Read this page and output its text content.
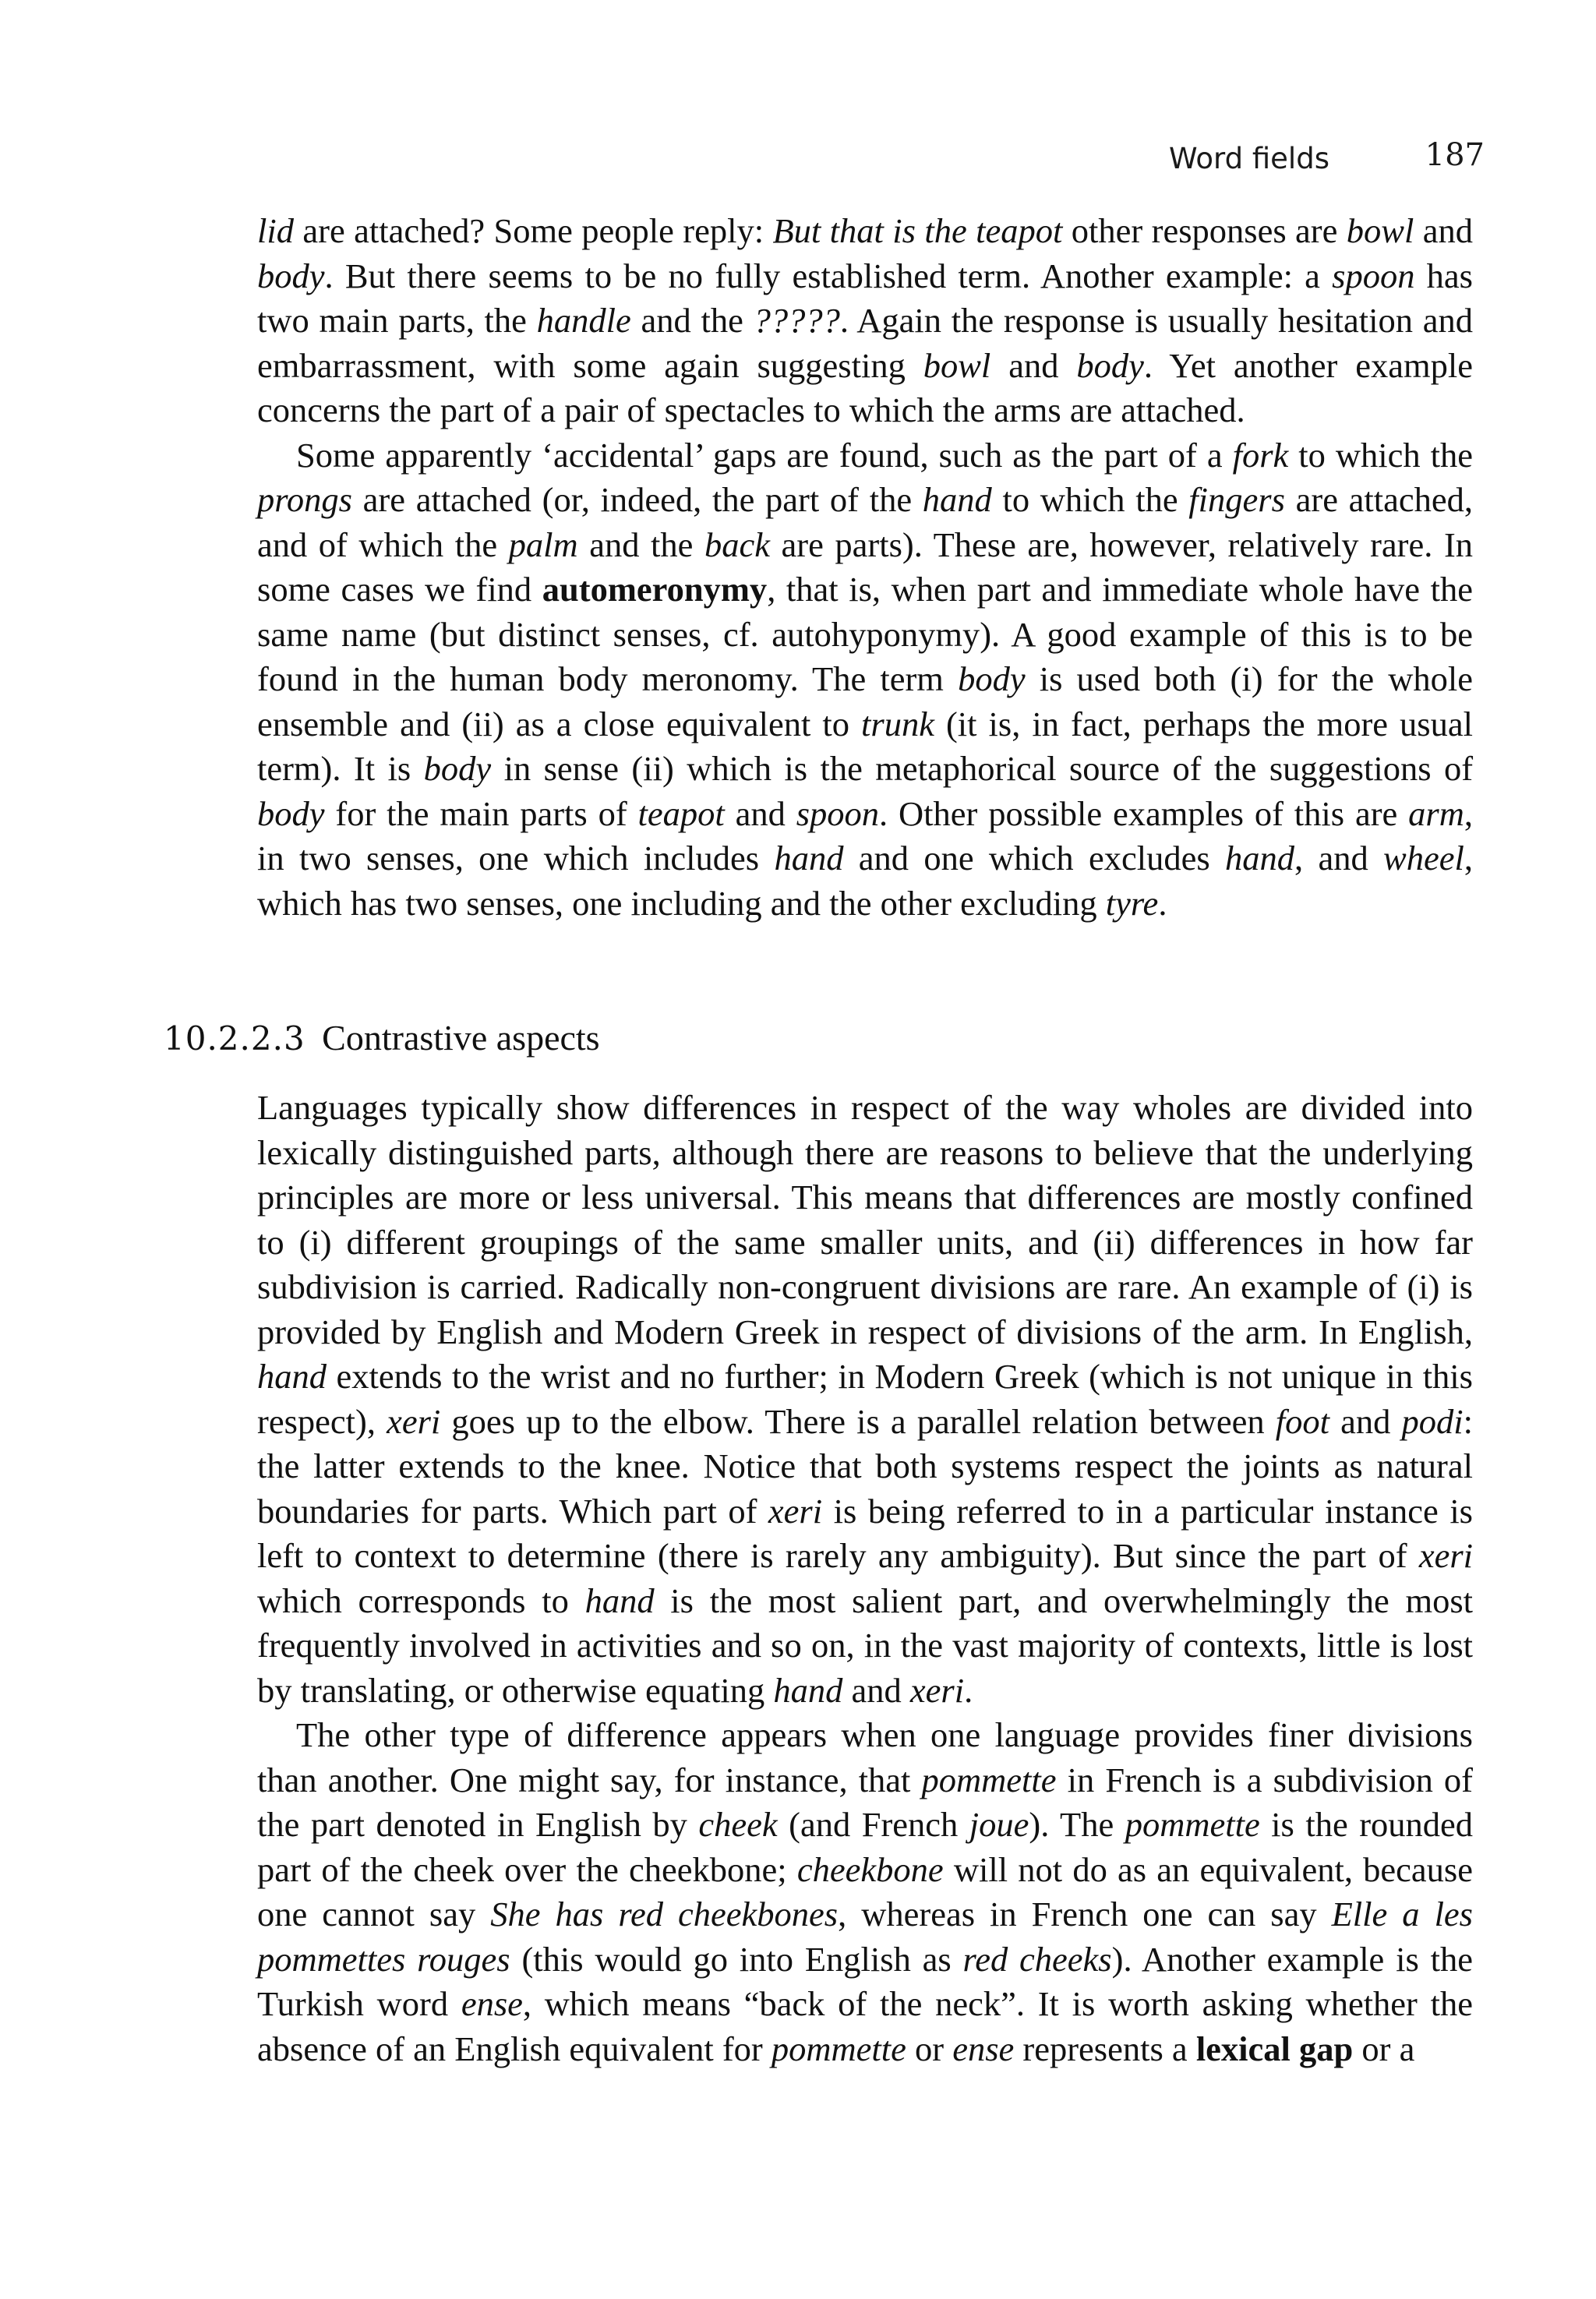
Word fields	187

lid are attached? Some people reply: But that is the teapot other responses are bowl and body. But there seems to be no fully established term. Another example: a spoon has two main parts, the handle and the ?????. Again the response is usually hesitation and embarrassment, with some again suggesting bowl and body. Yet another example concerns the part of a pair of spectacles to which the arms are attached.

Some apparently ‘accidental’ gaps are found, such as the part of a fork to which the prongs are attached (or, indeed, the part of the hand to which the fingers are attached, and of which the palm and the back are parts). These are, however, relatively rare. In some cases we find automeronymy, that is, when part and immediate whole have the same name (but distinct senses, cf. autohyponymy). A good example of this is to be found in the human body meronomy. The term body is used both (i) for the whole ensemble and (ii) as a close equivalent to trunk (it is, in fact, perhaps the more usual term). It is body in sense (ii) which is the metaphorical source of the suggestions of body for the main parts of teapot and spoon. Other possible examples of this are arm, in two senses, one which includes hand and one which excludes hand, and wheel, which has two senses, one including and the other excluding tyre.

10.2.2.3 Contrastive aspects

Languages typically show differences in respect of the way wholes are divided into lexically distinguished parts, although there are reasons to believe that the underlying principles are more or less universal. This means that differences are mostly confined to (i) different groupings of the same smaller units, and (ii) differences in how far subdivision is carried. Radically non-congruent divisions are rare. An example of (i) is provided by English and Modern Greek in respect of divisions of the arm. In English, hand extends to the wrist and no further; in Modern Greek (which is not unique in this respect), xeri goes up to the elbow. There is a parallel relation between foot and podi: the latter extends to the knee. Notice that both systems respect the joints as natural boundaries for parts. Which part of xeri is being referred to in a particular instance is left to context to determine (there is rarely any ambiguity). But since the part of xeri which corresponds to hand is the most salient part, and overwhelmingly the most frequently involved in activities and so on, in the vast majority of contexts, little is lost by translating, or otherwise equating hand and xeri.

The other type of difference appears when one language provides finer divisions than another. One might say, for instance, that pommette in French is a subdivision of the part denoted in English by cheek (and French joue). The pommette is the rounded part of the cheek over the cheekbone; cheekbone will not do as an equivalent, because one cannot say She has red cheekbones, whereas in French one can say Elle a les pommettes rouges (this would go into English as red cheeks). Another example is the Turkish word ense, which means “back of the neck”. It is worth asking whether the absence of an English equivalent for pommette or ense represents a lexical gap or a
